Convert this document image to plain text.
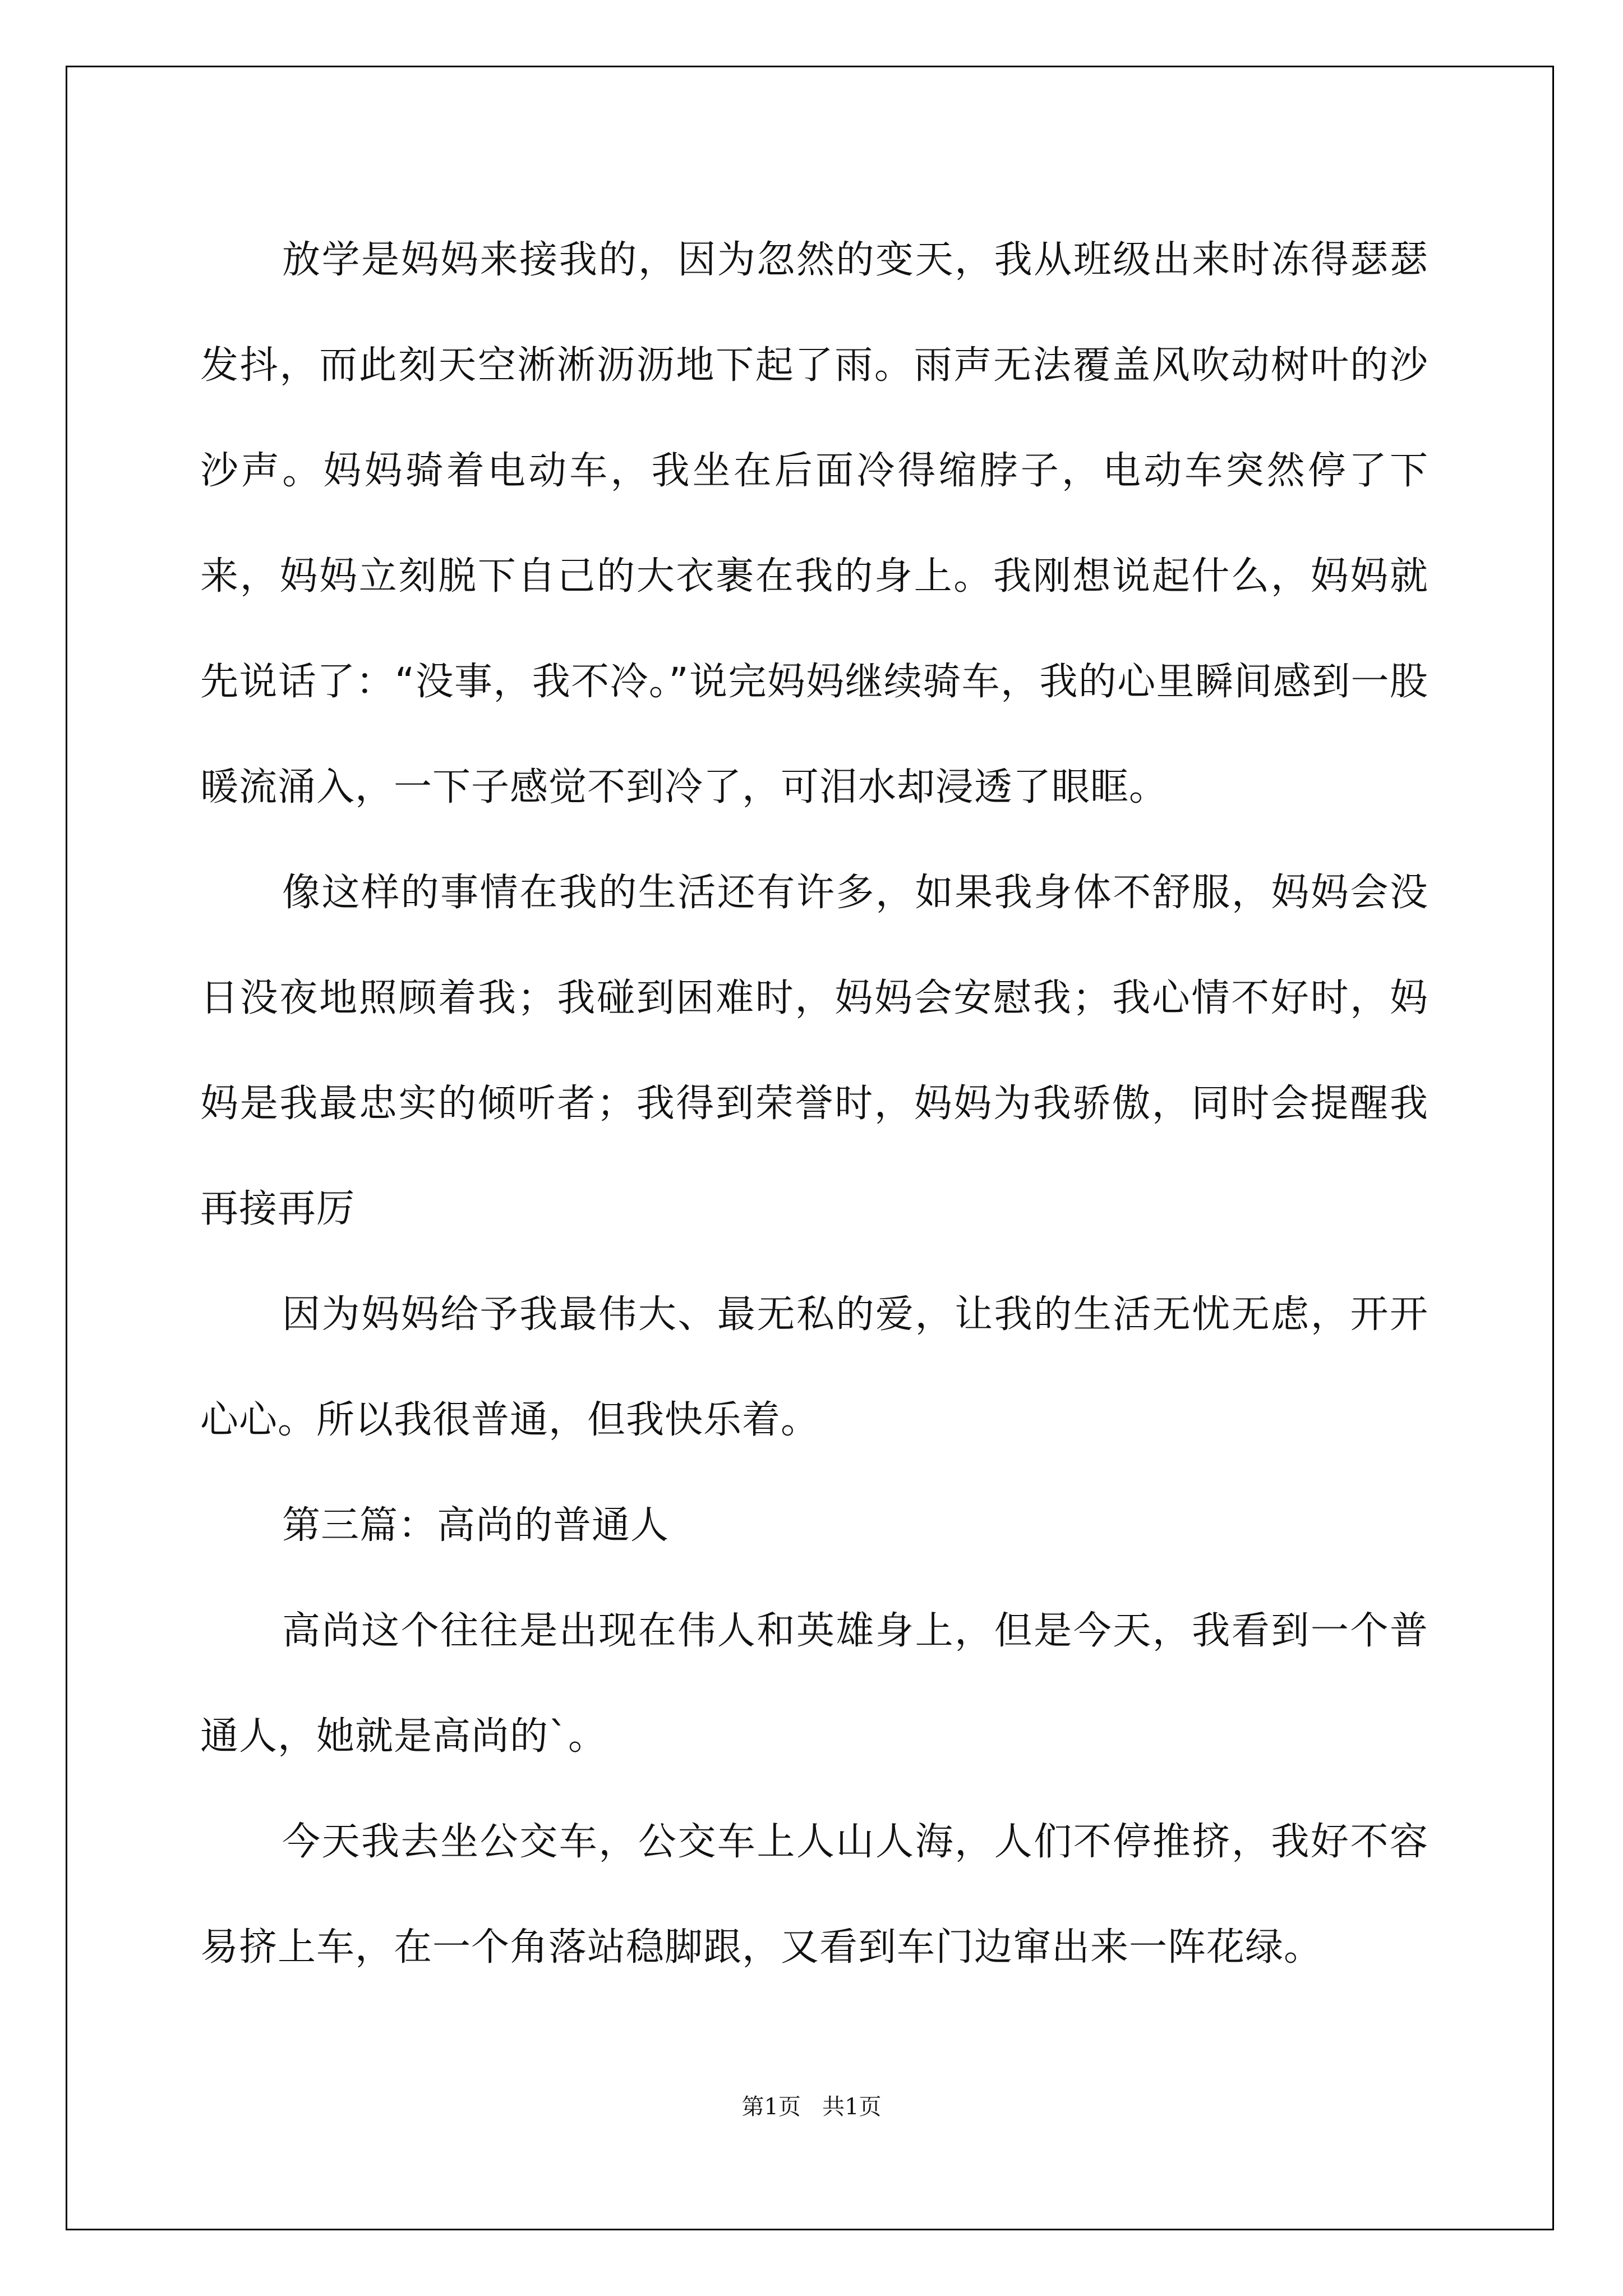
放学是妈妈来接我的，因为忽然的变天，我从班级出来时冻得瑟瑟发抖，而此刻天空淅淅沥沥地下起了雨。雨声无法覆盖风吹动树叶的沙沙声。妈妈骑着电动车，我坐在后面冷得缩脖子，电动车突然停了下来，妈妈立刻脱下自己的大衣裹在我的身上。我刚想说起什么，妈妈就先说话了：“没事，我不冷。”说完妈妈继续骑车，我的心里瞬间感到一股暖流涌入，一下子感觉不到冷了，可泪水却浸透了眼眶。

像这样的事情在我的生活还有许多，如果我身体不舒服，妈妈会没日没夜地照顾着我；我碰到困难时，妈妈会安慰我；我心情不好时，妈妈是我最忠实的倾听者；我得到荣誉时，妈妈为我骄傲，同时会提醒我再接再厉

因为妈妈给予我最伟大、最无私的爱，让我的生活无忧无虑，开开心心。所以我很普通，但我快乐着。

第三篇：高尚的普通人

高尚这个往往是出现在伟人和英雄身上，但是今天，我看到一个普通人，她就是高尚的`。

今天我去坐公交车，公交车上人山人海，人们不停推挤，我好不容易挤上车，在一个角落站稳脚跟，又看到车门边窜出来一阵花绿。

第1页 共1页
